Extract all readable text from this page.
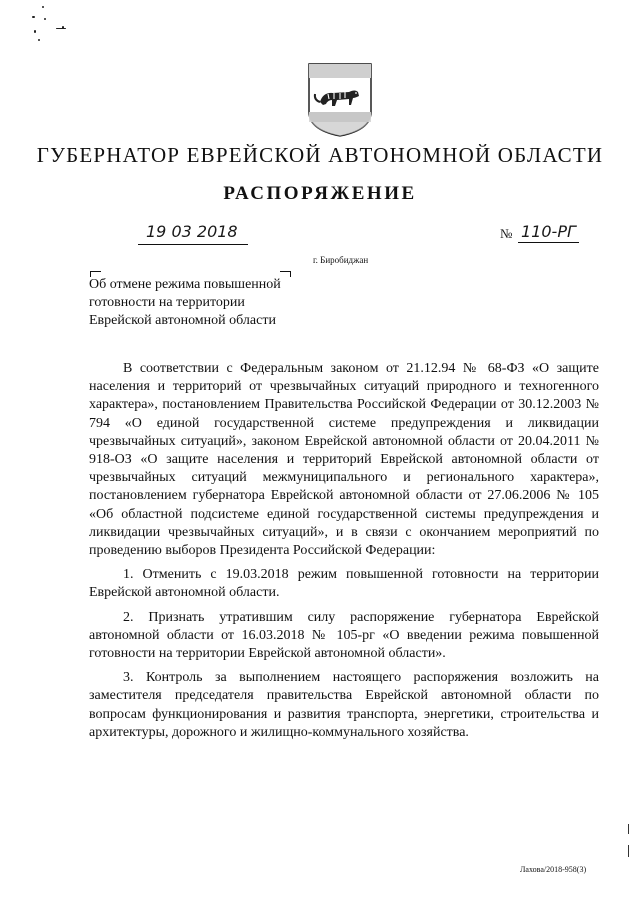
ГУБЕРНАТОР ЕВРЕЙСКОЙ АВТОНОМНОЙ ОБЛАСТИ
РАСПОРЯЖЕНИЕ
19 03 2018	№ 110-РГ
г. Биробиджан
Об отмене режима повышенной
готовности на территории
Еврейской автономной области

В соответствии с Федеральным законом от 21.12.94 № 68-ФЗ «О защите населения и территорий от чрезвычайных ситуаций природного и техногенного характера», постановлением Правительства Российской Федерации от 30.12.2003 № 794 «О единой государственной системе предупреждения и ликвидации чрезвычайных ситуаций», законом Еврейской автономной области от 20.04.2011 № 918-ОЗ «О защите населения и территорий Еврейской автономной области от чрезвычайных ситуаций межмуниципального и регионального характера», постановлением губернатора Еврейской автономной области от 27.06.2006 № 105 «Об областной подсистеме единой государственной системы предупреждения и ликвидации чрезвычайных ситуаций», и в связи с окончанием мероприятий по проведению выборов Президента Российской Федерации:

1. Отменить с 19.03.2018 режим повышенной готовности на территории Еврейской автономной области.

2. Признать утратившим силу распоряжение губернатора Еврейской автономной области от 16.03.2018 № 105-рг «О введении режима повышенной готовности на территории Еврейской автономной области».

3. Контроль за выполнением настоящего распоряжения возложить на заместителя председателя правительства Еврейской автономной области по вопросам функционирования и развития транспорта, энергетики, строительства и архитектуры, дорожного и жилищно-коммунального хозяйства.

Лахова/2018-958(3)
